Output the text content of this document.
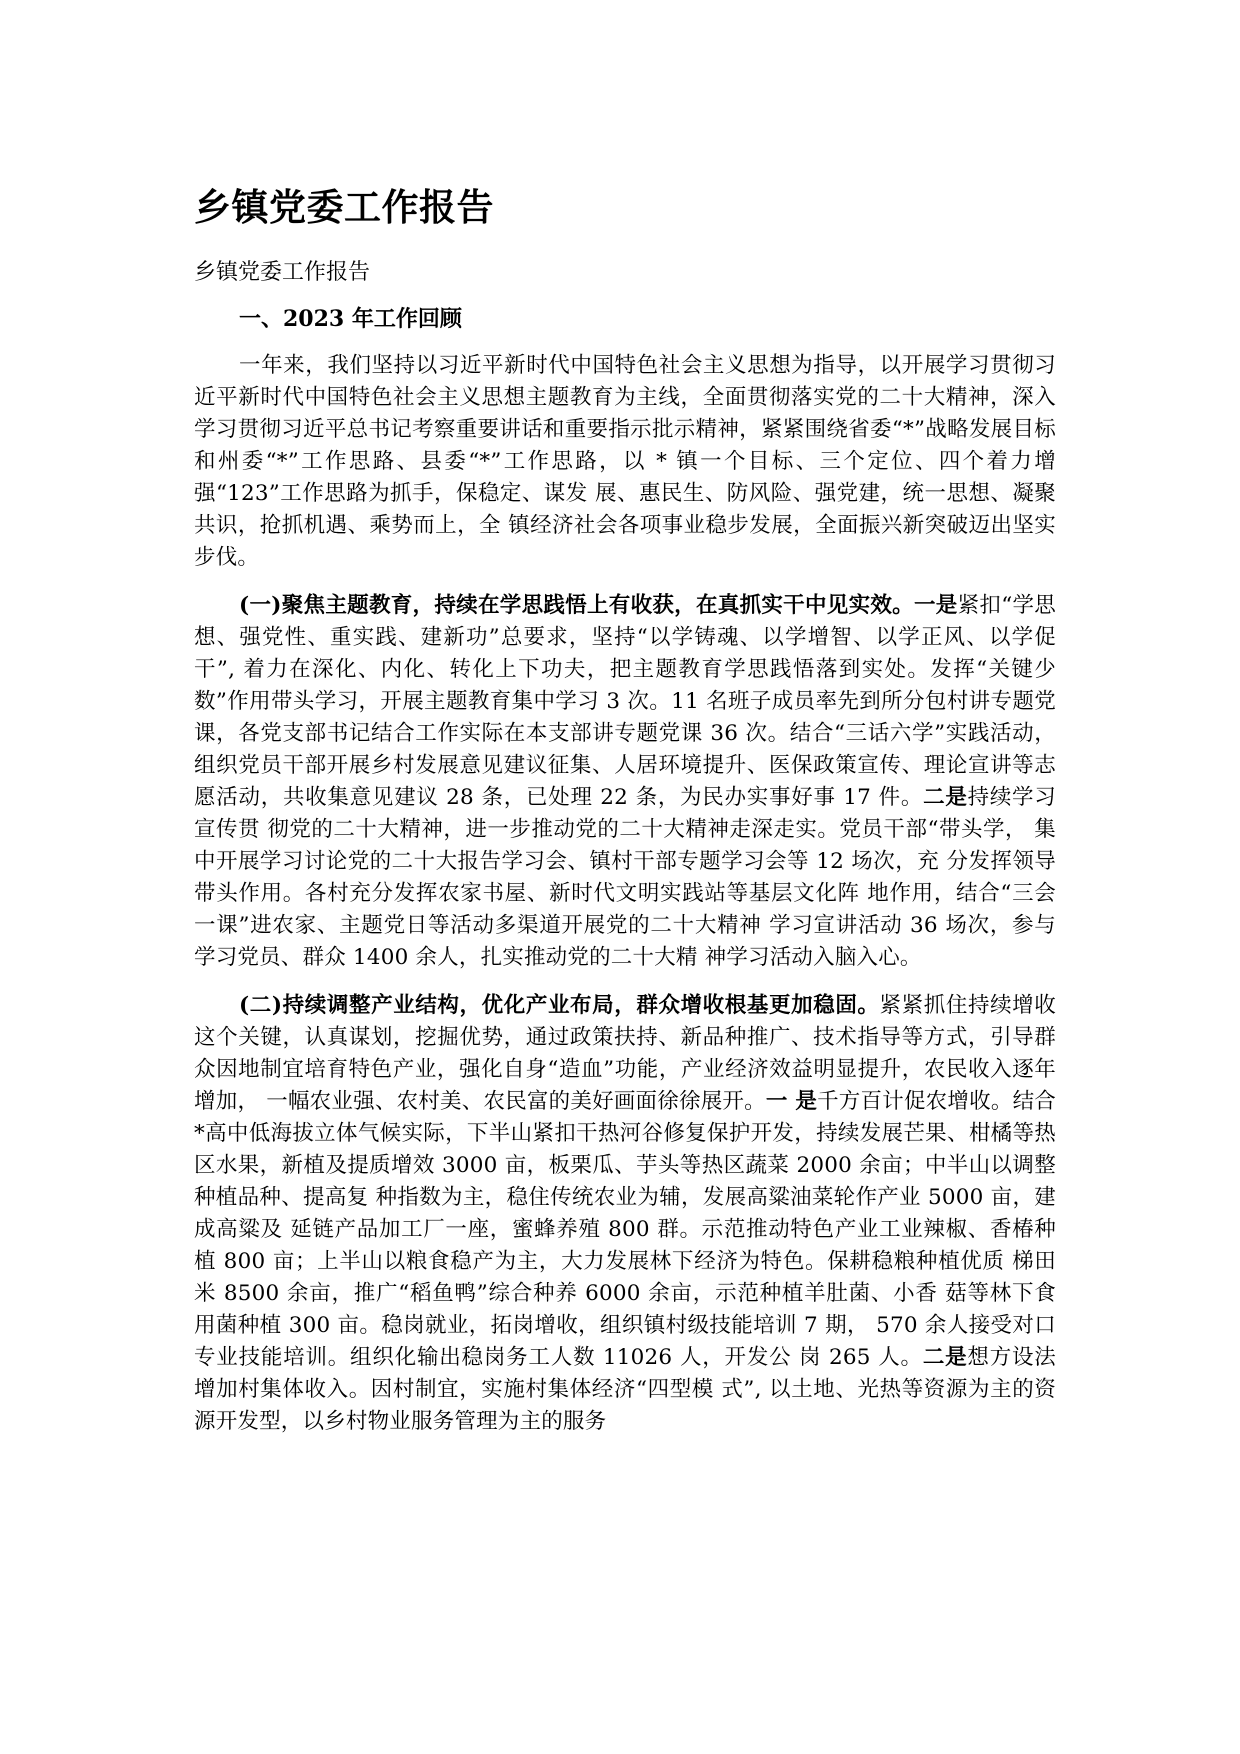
乡镇党委工作报告

乡镇党委工作报告

一、2023 年工作回顾

一年来，我们坚持以习近平新时代中国特色社会主义思想为指导，以开展学习贯彻习近平新时代中国特色社会主义思想主题教育为主线，全面贯彻落实党的二十大精神，深入学习贯彻习近平总书记考察重要讲话和重要指示批示精神，紧紧围绕省委“*”战略发展目标和州委“*”工作思路、县委“*”工作思路，以 * 镇一个目标、三个定位、四个着力增强“123”工作思路为抓手，保稳定、谋发 展、惠民生、防风险、强党建，统一思想、凝聚共识，抢抓机遇、乘势而上，全 镇经济社会各项事业稳步发展，全面振兴新突破迈出坚实步伐。

(一)聚焦主题教育，持续在学思践悟上有收获，在真抓实干中见实效。一是紧扣“学思想、强党性、重实践、建新功”总要求，坚持“以学铸魂、以学增智、以学正风、以学促干”, 着力在深化、内化、转化上下功夫，把主题教育学思践悟落到实处。发挥“关键少数”作用带头学习，开展主题教育集中学习 3 次。11 名班子成员率先到所分包村讲专题党课，各党支部书记结合工作实际在本支部讲专题党课 36 次。结合“三话六学”实践活动，组织党员干部开展乡村发展意见建议征集、人居环境提升、医保政策宣传、理论宣讲等志愿活动，共收集意见建议 28 条，已处理 22 条，为民办实事好事 17 件。二是持续学习宣传贯 彻党的二十大精神，进一步推动党的二十大精神走深走实。党员干部“带头学， 集中开展学习讨论党的二十大报告学习会、镇村干部专题学习会等 12 场次，充 分发挥领导带头作用。各村充分发挥农家书屋、新时代文明实践站等基层文化阵 地作用，结合“三会一课”进农家、主题党日等活动多渠道开展党的二十大精神 学习宣讲活动 36 场次，参与学习党员、群众 1400 余人，扎实推动党的二十大精 神学习活动入脑入心。

(二)持续调整产业结构，优化产业布局，群众增收根基更加稳固。紧紧抓住持续增收这个关键，认真谋划，挖掘优势，通过政策扶持、新品种推广、技术指导等方式，引导群众因地制宜培育特色产业，强化自身“造血”功能，产业经济效益明显提升，农民收入逐年增加， 一幅农业强、农村美、农民富的美好画面徐徐展开。一 是千方百计促农增收。结合*高中低海拔立体气候实际，下半山紧扣干热河谷修复保护开发，持续发展芒果、柑橘等热区水果，新植及提质增效 3000 亩，板栗瓜、芋头等热区蔬菜 2000 余亩；中半山以调整种植品种、提高复 种指数为主，稳住传统农业为辅，发展高粱油菜轮作产业 5000 亩，建成高粱及 延链产品加工厂一座，蜜蜂养殖 800 群。示范推动特色产业工业辣椒、香椿种植 800 亩；上半山以粮食稳产为主，大力发展林下经济为特色。保耕稳粮种植优质 梯田米 8500 余亩，推广“稻鱼鸭”综合种养 6000 余亩，示范种植羊肚菌、小香 菇等林下食用菌种植 300 亩。稳岗就业，拓岗增收，组织镇村级技能培训 7 期， 570 余人接受对口专业技能培训。组织化输出稳岗务工人数 11026 人，开发公 岗 265 人。二是想方设法增加村集体收入。因村制宜，实施村集体经济“四型模 式”, 以土地、光热等资源为主的资源开发型，以乡村物业服务管理为主的服务
